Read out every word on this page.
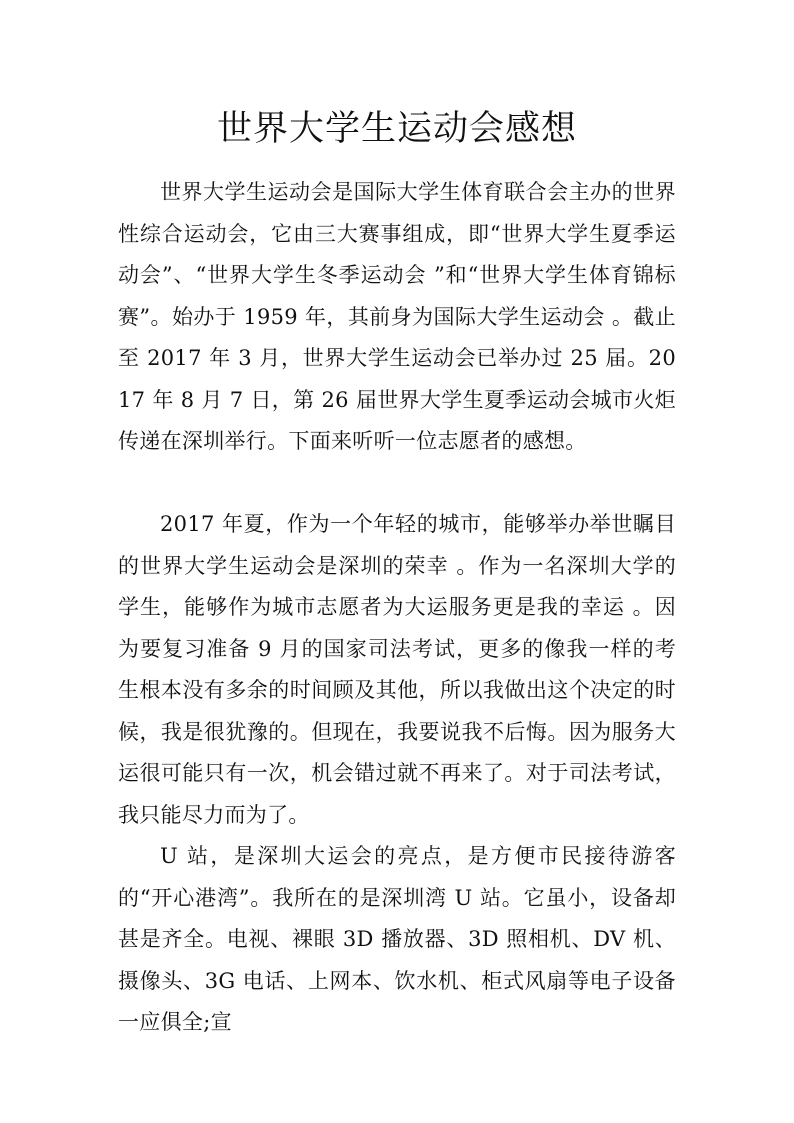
世界大学生运动会感想

世界大学生运动会是国际大学生体育联合会主办的世界性综合运动会，它由三大赛事组成，即“世界大学生夏季运动会”、“世界大学生冬季运动会 ”和“世界大学生体育锦标赛”。始办于 1959 年，其前身为国际大学生运动会 。截止至 2017 年 3 月，世界大学生运动会已举办过 25 届。2017 年 8 月 7 日，第 26 届世界大学生夏季运动会城市火炬传递在深圳举行。下面来听听一位志愿者的感想。

2017 年夏，作为一个年轻的城市，能够举办举世瞩目的世界大学生运动会是深圳的荣幸 。作为一名深圳大学的学生，能够作为城市志愿者为大运服务更是我的幸运 。因为要复习准备 9 月的国家司法考试，更多的像我一样的考生根本没有多余的时间顾及其他，所以我做出这个决定的时候，我是很犹豫的。但现在，我要说我不后悔。因为服务大运很可能只有一次，机会错过就不再来了。对于司法考试，我只能尽力而为了。

U 站，是深圳大运会的亮点，是方便市民接待游客的“开心港湾”。我所在的是深圳湾 U 站。它虽小，设备却甚是齐全。电视、裸眼 3D 播放器、3D 照相机、DV 机、摄像头、3G 电话、上网本、饮水机、柜式风扇等电子设备一应俱全;宣
